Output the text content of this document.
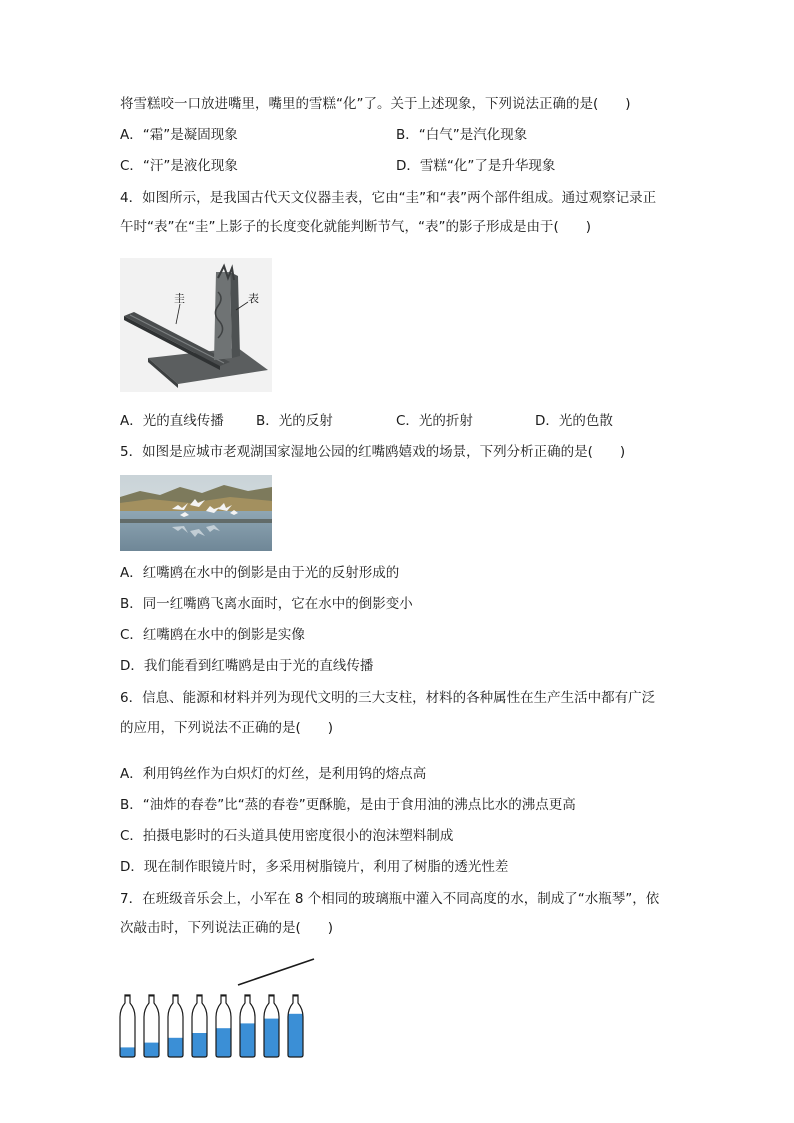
将雪糕咬一口放进嘴里，嘴里的雪糕“化”了。关于上述现象，下列说法正确的是(　　)
A．“霜”是凝固现象	B．“白气”是汽化现象
C．“汗”是液化现象	D．雪糕“化”了是升华现象
4．如图所示，是我国古代天文仪器圭表，它由“圭”和“表”两个部件组成。通过观察记录正
午时“表”在“圭”上影子的长度变化就能判断节气，“表”的影子形成是由于(　　)
圭	表
A．光的直线传播 B．光的反射	C．光的折射	D．光的色散
5．如图是应城市老观湖国家湿地公园的红嘴鸥嬉戏的场景，下列分析正确的是(　　)
A．红嘴鸥在水中的倒影是由于光的反射形成的
B．同一红嘴鸥飞离水面时，它在水中的倒影变小
C．红嘴鸥在水中的倒影是实像
D．我们能看到红嘴鸥是由于光的直线传播
6．信息、能源和材料并列为现代文明的三大支柱，材料的各种属性在生产生活中都有广泛
的应用，下列说法不正确的是(　　)
A．利用钨丝作为白炽灯的灯丝，是利用钨的熔点高
B．“油炸的春卷”比“蒸的春卷”更酥脆，是由于食用油的沸点比水的沸点更高
C．拍摄电影时的石头道具使用密度很小的泡沫塑料制成
D．现在制作眼镜片时，多采用树脂镜片，利用了树脂的透光性差
7．在班级音乐会上，小军在 8 个相同的玻璃瓶中灌入不同高度的水，制成了“水瓶琴”，依
次敲击时，下列说法正确的是(　　)
